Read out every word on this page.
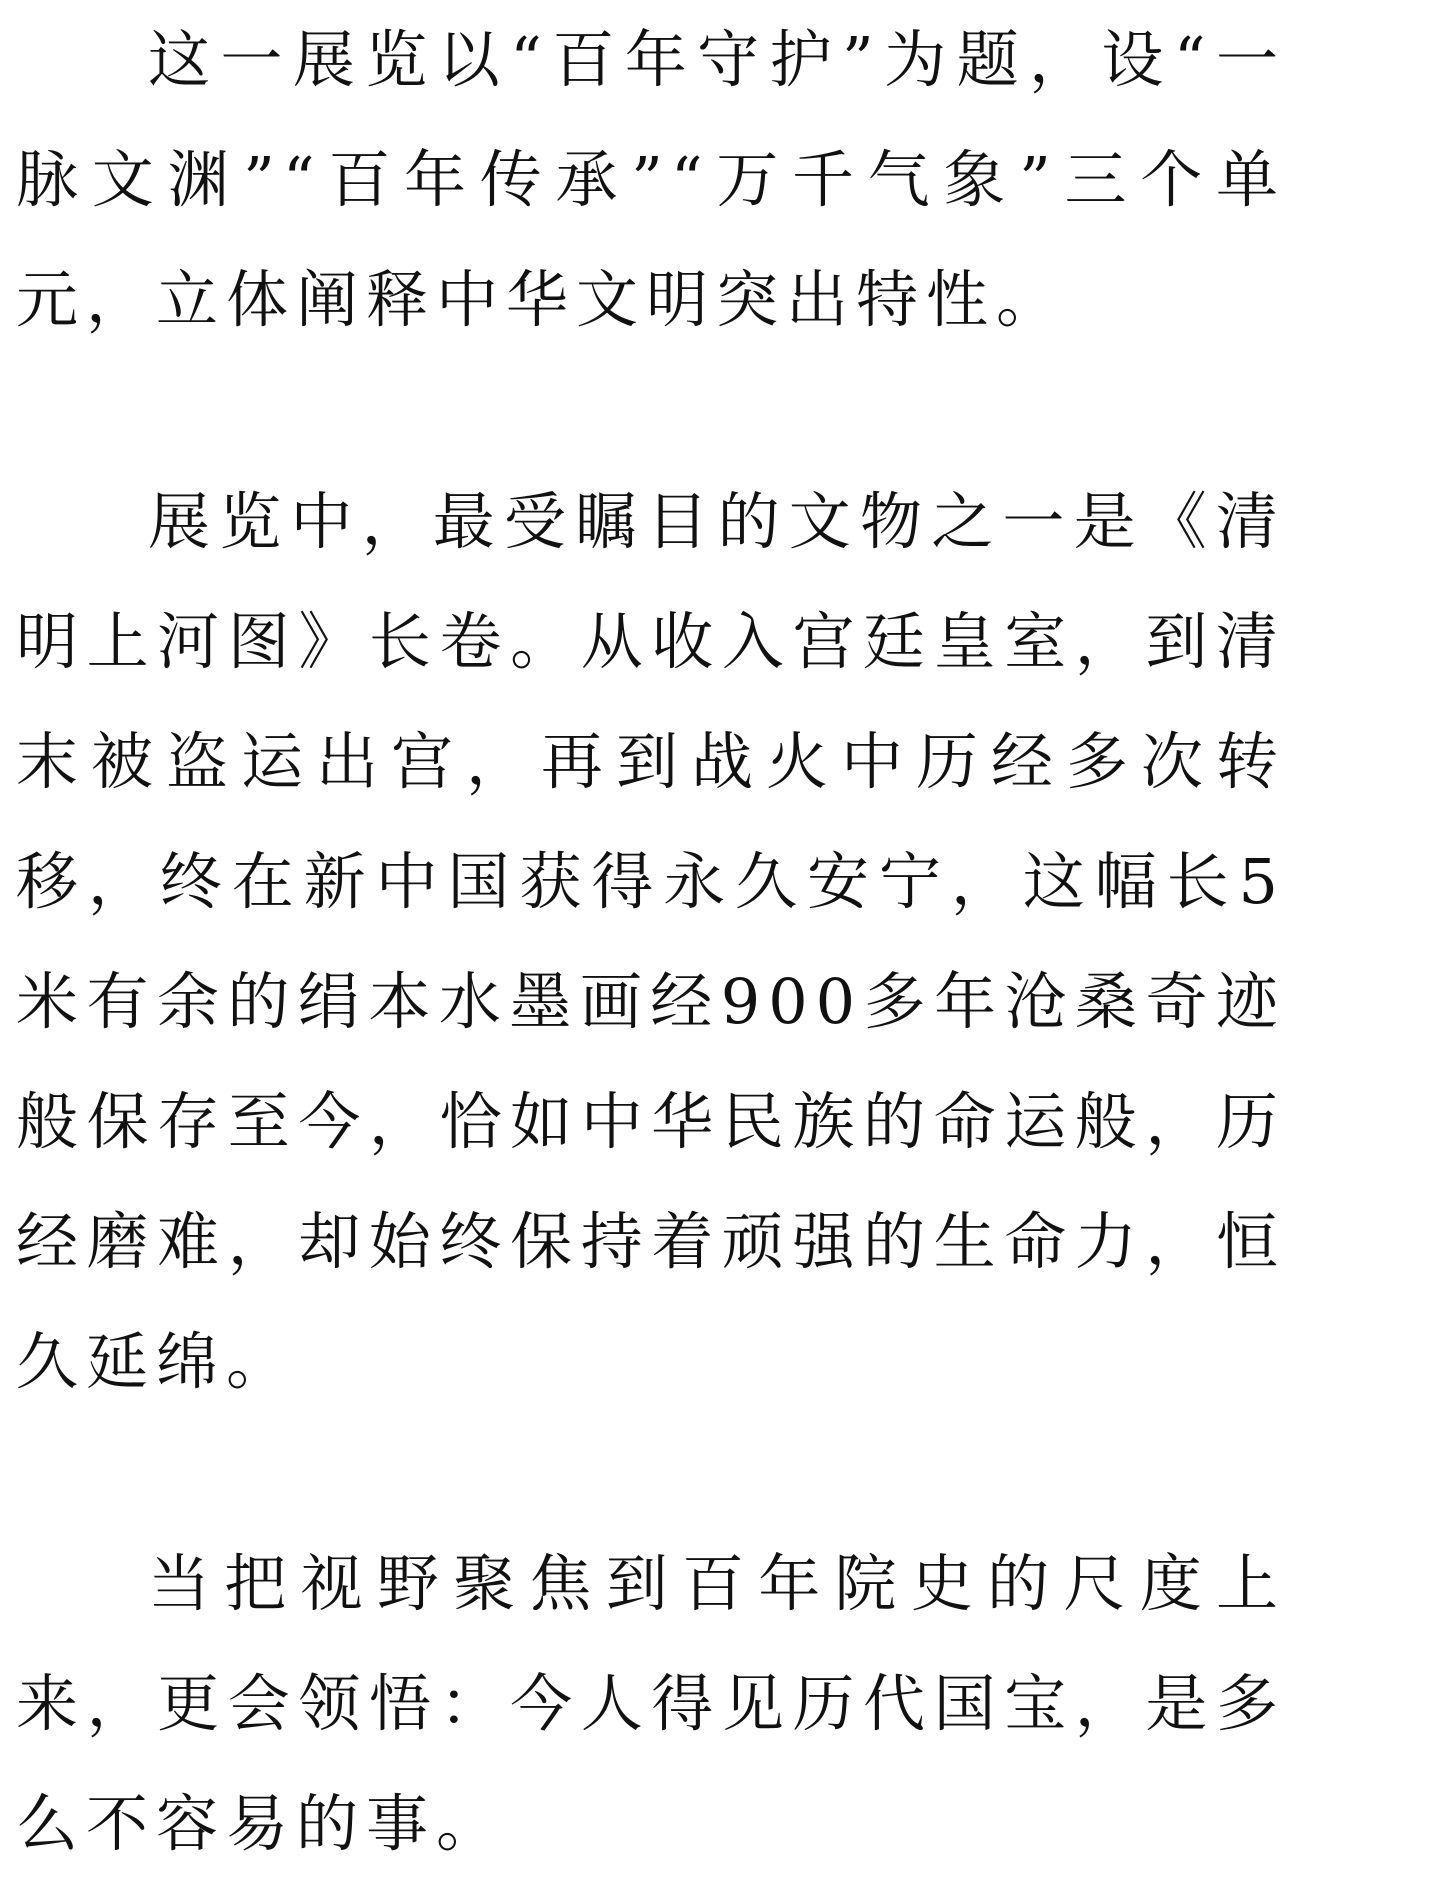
这一展览以“百年守护”为题，设“一脉文渊”“百年传承”“万千气象”三个单元，立体阐释中华文明突出特性。

展览中，最受瞩目的文物之一是《清明上河图》长卷。从收入宫廷皇室，到清末被盗运出宫，再到战火中历经多次转移，终在新中国获得永久安宁，这幅长5米有余的绢本水墨画经900多年沧桑奇迹般保存至今，恰如中华民族的命运般，历经磨难，却始终保持着顽强的生命力，恒久延绵。

当把视野聚焦到百年院史的尺度上来，更会领悟：今人得见历代国宝，是多么不容易的事。
